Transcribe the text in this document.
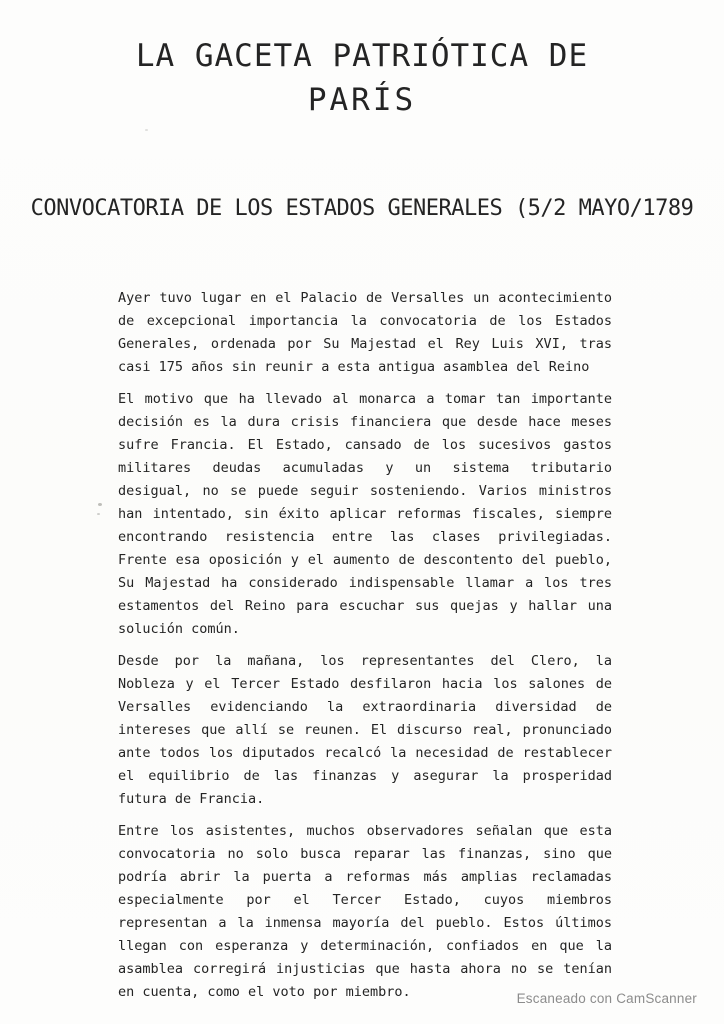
LA GACETA PATRIÓTICA DE
PARÍS
CONVOCATORIA DE LOS ESTADOS GENERALES (5/2 MAYO/1789

Ayer tuvo lugar en el Palacio de Versalles un acontecimiento de excepcional importancia la convocatoria de los Estados Generales, ordenada por Su Majestad el Rey Luis XVI, tras casi 175 años sin reunir a esta antigua asamblea del Reino

El motivo que ha llevado al monarca a tomar tan importante decisión es la dura crisis financiera que desde hace meses sufre Francia. El Estado, cansado de los sucesivos gastos militares deudas acumuladas y un sistema tributario desigual, no se puede seguir sosteniendo. Varios ministros han intentado, sin éxito aplicar reformas fiscales, siempre encontrando resistencia entre las clases privilegiadas. Frente esa oposición y el aumento de descontento del pueblo, Su Majestad ha considerado indispensable llamar a los tres estamentos del Reino para escuchar sus quejas y hallar una solución común.

Desde por la mañana, los representantes del Clero, la Nobleza y el Tercer Estado desfilaron hacia los salones de Versalles evidenciando la extraordinaria diversidad de intereses que allí se reunen. El discurso real, pronunciado ante todos los diputados recalcó la necesidad de restablecer el equilibrio de las finanzas y asegurar la prosperidad futura de Francia.

Entre los asistentes, muchos observadores señalan que esta convocatoria no solo busca reparar las finanzas, sino que podría abrir la puerta a reformas más amplias reclamadas especialmente por el Tercer Estado, cuyos miembros representan a la inmensa mayoría del pueblo. Estos últimos llegan con esperanza y determinación, confiados en que la asamblea corregirá injusticias que hasta ahora no se tenían en cuenta, como el voto por miembro.	Escaneado con CamScanner
